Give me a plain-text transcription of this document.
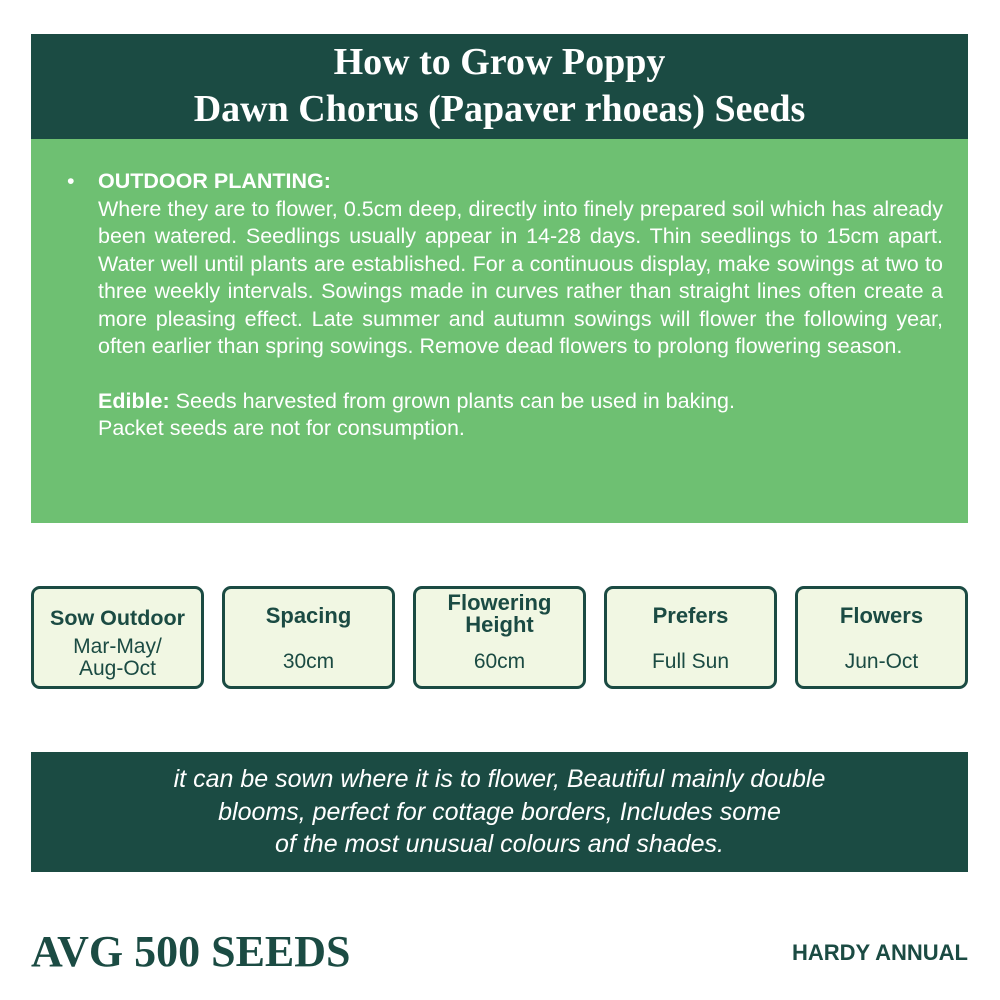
How to Grow Poppy
Dawn Chorus (Papaver rhoeas) Seeds
• OUTDOOR PLANTING:
Where they are to flower, 0.5cm deep, directly into finely prepared soil which has already been watered. Seedlings usually appear in 14-28 days. Thin seedlings to 15cm apart. Water well until plants are established. For a continuous display, make sowings at two to three weekly intervals. Sowings made in curves rather than straight lines often create a more pleasing effect. Late summer and autumn sowings will flower the following year, often earlier than spring sowings. Remove dead flowers to prolong flowering season.
Edible: Seeds harvested from grown plants can be used in baking.
Packet seeds are not for consumption.
Sow Outdoor
Mar-May/
Aug-Oct
Spacing
30cm
Flowering
Height
60cm
Prefers
Full Sun
Flowers
Jun-Oct
it can be sown where it is to flower, Beautiful mainly double
blooms, perfect for cottage borders, Includes some
of the most unusual colours and shades.
AVG 500 SEEDS	HARDY ANNUAL
